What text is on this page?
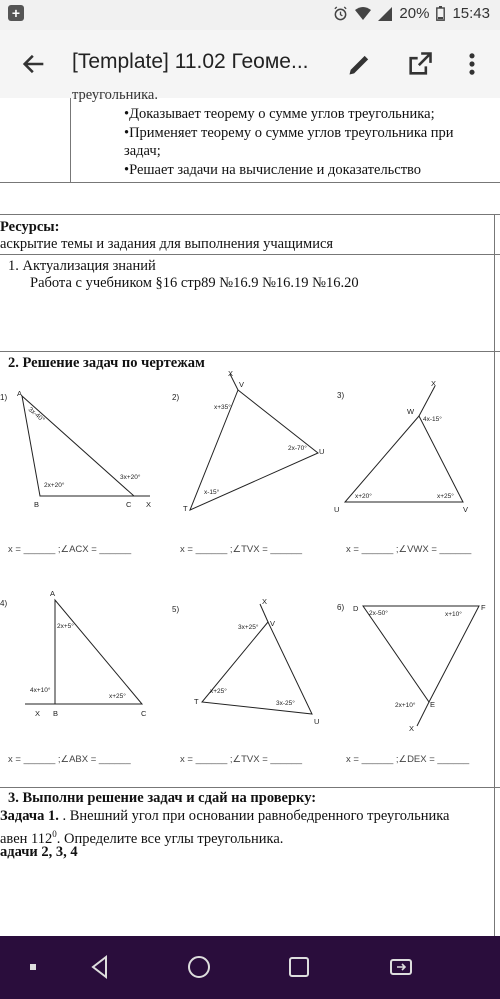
+	20% 15:43
[Template] 11.02 Геоме...
треугольника.
•Доказывает теорему о сумме углов треугольника;
•Применяет теорему о сумме углов треугольника при
задач;
•Решает задачи на вычисление и доказательство
Ресурсы:
аскрытие темы и задания для выполнения учащимися
1. Актуализация знаний
Работа с учебником §16 стр89 №16.9 №16.19 №16.20
2. Решение задач по чертежам
1) A
B	C X
3x-40°
2x+20°
3x+20°
2)
X
V
U
T
x+35°
2x-70°
x-15°
3)
X
W
U	V
4x-15°
x+20°	x+25°
x = ______ ;∠ACX = ______	x = ______ ;∠TVX = ______	x = ______ ;∠VWX = ______
4)
A
X B	C
2x+5°
4x+10°
x+25°
5)
X
V
T
U
3x+25°
x+25°
3x-25°
6) D	F
E
X
2x-50°	x+10°
2x+10°
x = ______ ;∠ABX = ______	x = ______ ;∠TVX = ______	x = ______ ;∠DEX = ______
3. Выполни решение задач и сдай на проверку:
Задача 1. . Внешний угол при основании равнобедренного треугольника
авен $112^0$. Определите все углы треугольника.
адачи 2, 3, 4
